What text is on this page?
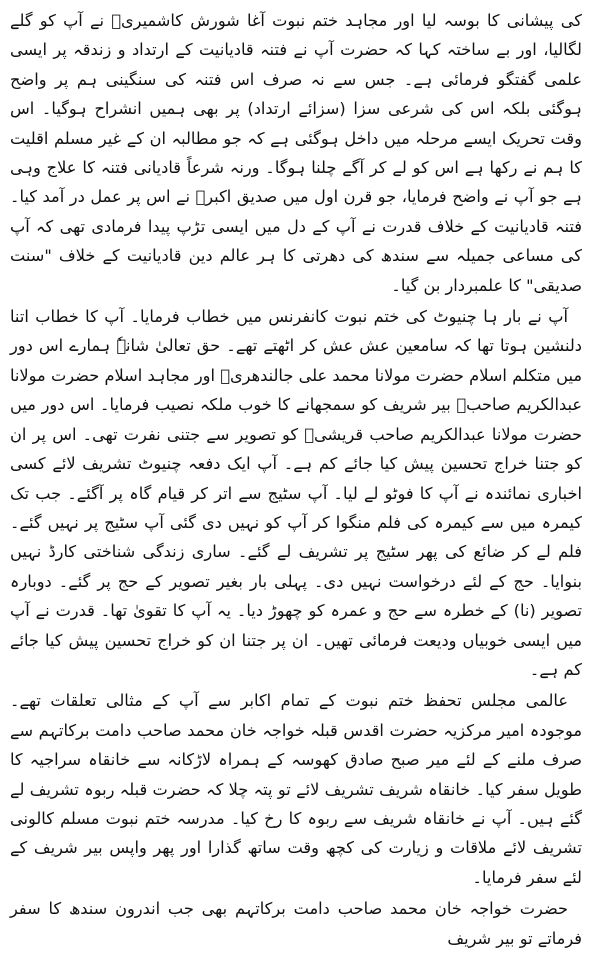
کی پیشانی کا بوسہ لیا اور مجاہد ختم نبوت آغا شورش کاشمیریؒ نے آپ کو گلے لگالیا، اور بے ساختہ کہا کہ حضرت آپ نے فتنہ قادیانیت کے ارتداد و زندقہ پر ایسی علمی گفتگو فرمائی ہے۔ جس سے نہ صرف اس فتنہ کی سنگینی ہم پر واضح ہوگئی بلکہ اس کی شرعی سزا (سزائے ارتداد) پر بھی ہمیں انشراح ہوگیا۔ اس وقت تحریک ایسے مرحلہ میں داخل ہوگئی ہے کہ جو مطالبہ ان کے غیر مسلم اقلیت کا ہم نے رکھا ہے اس کو لے کر آگے چلنا ہوگا۔ ورنہ شرعاً قادیانی فتنہ کا علاج وہی ہے جو آپ نے واضح فرمایا، جو قرن اول میں صدیق اکبرؓ نے اس پر عمل در آمد کیا۔ فتنہ قادیانیت کے خلاف قدرت نے آپ کے دل میں ایسی تڑپ پیدا فرمادی تھی کہ آپ کی مساعی جمیلہ سے سندھ کی دھرتی کا ہر عالم دین قادیانیت کے خلاف "سنت صدیقی" کا علمبردار بن گیا۔

آپ نے بار ہا چنیوٹ کی ختم نبوت کانفرنس میں خطاب فرمایا۔ آپ کا خطاب اتنا دلنشین ہوتا تھا کہ سامعین عش عش کر اٹھتے تھے۔ حق تعالیٰ شانہٗ ہمارے اس دور میں متکلم اسلام حضرت مولانا محمد علی جالندھریؒ اور مجاہد اسلام حضرت مولانا عبدالکریم صاحبؒ بیر شریف کو سمجھانے کا خوب ملکہ نصیب فرمایا۔ اس دور میں حضرت مولانا عبدالکریم صاحب قریشیؒ کو تصویر سے جتنی نفرت تھی۔ اس پر ان کو جتنا خراج تحسین پیش کیا جائے کم ہے۔ آپ ایک دفعہ چنیوٹ تشریف لائے کسی اخباری نمائندہ نے آپ کا فوٹو لے لیا۔ آپ سٹیج سے اتر کر قیام گاہ پر آگئے۔ جب تک کیمرہ میں سے کیمرہ کی فلم منگوا کر آپ کو نہیں دی گئی آپ سٹیج پر نہیں گئے۔ فلم لے کر ضائع کی پھر سٹیج پر تشریف لے گئے۔ ساری زندگی شناختی کارڈ نہیں بنوایا۔ حج کے لئے درخواست نہیں دی۔ پہلی بار بغیر تصویر کے حج پر گئے۔ دوبارہ تصویر (نا) کے خطرہ سے حج و عمرہ کو چھوڑ دیا۔ یہ آپ کا تقویٰ تھا۔ قدرت نے آپ میں ایسی خوبیاں ودیعت فرمائی تھیں۔ ان پر جتنا ان کو خراج تحسین پیش کیا جائے کم ہے۔

عالمی مجلس تحفظ ختم نبوت کے تمام اکابر سے آپ کے مثالی تعلقات تھے۔ موجودہ امیر مرکزیہ حضرت اقدس قبلہ خواجہ خان محمد صاحب دامت برکاتہم سے صرف ملنے کے لئے میر صبح صادق کھوسہ کے ہمراہ لاڑکانہ سے خانقاہ سراجیہ کا طویل سفر کیا۔ خانقاہ شریف تشریف لائے تو پتہ چلا کہ حضرت قبلہ ربوہ تشریف لے گئے ہیں۔ آپ نے خانقاہ شریف سے ربوہ کا رخ کیا۔ مدرسہ ختم نبوت مسلم کالونی تشریف لائے ملاقات و زیارت کی کچھ وقت ساتھ گذارا اور پھر واپس بیر شریف کے لئے سفر فرمایا۔

حضرت خواجہ خان محمد صاحب دامت برکاتہم بھی جب اندرون سندھ کا سفر فرماتے تو بیر شریف
